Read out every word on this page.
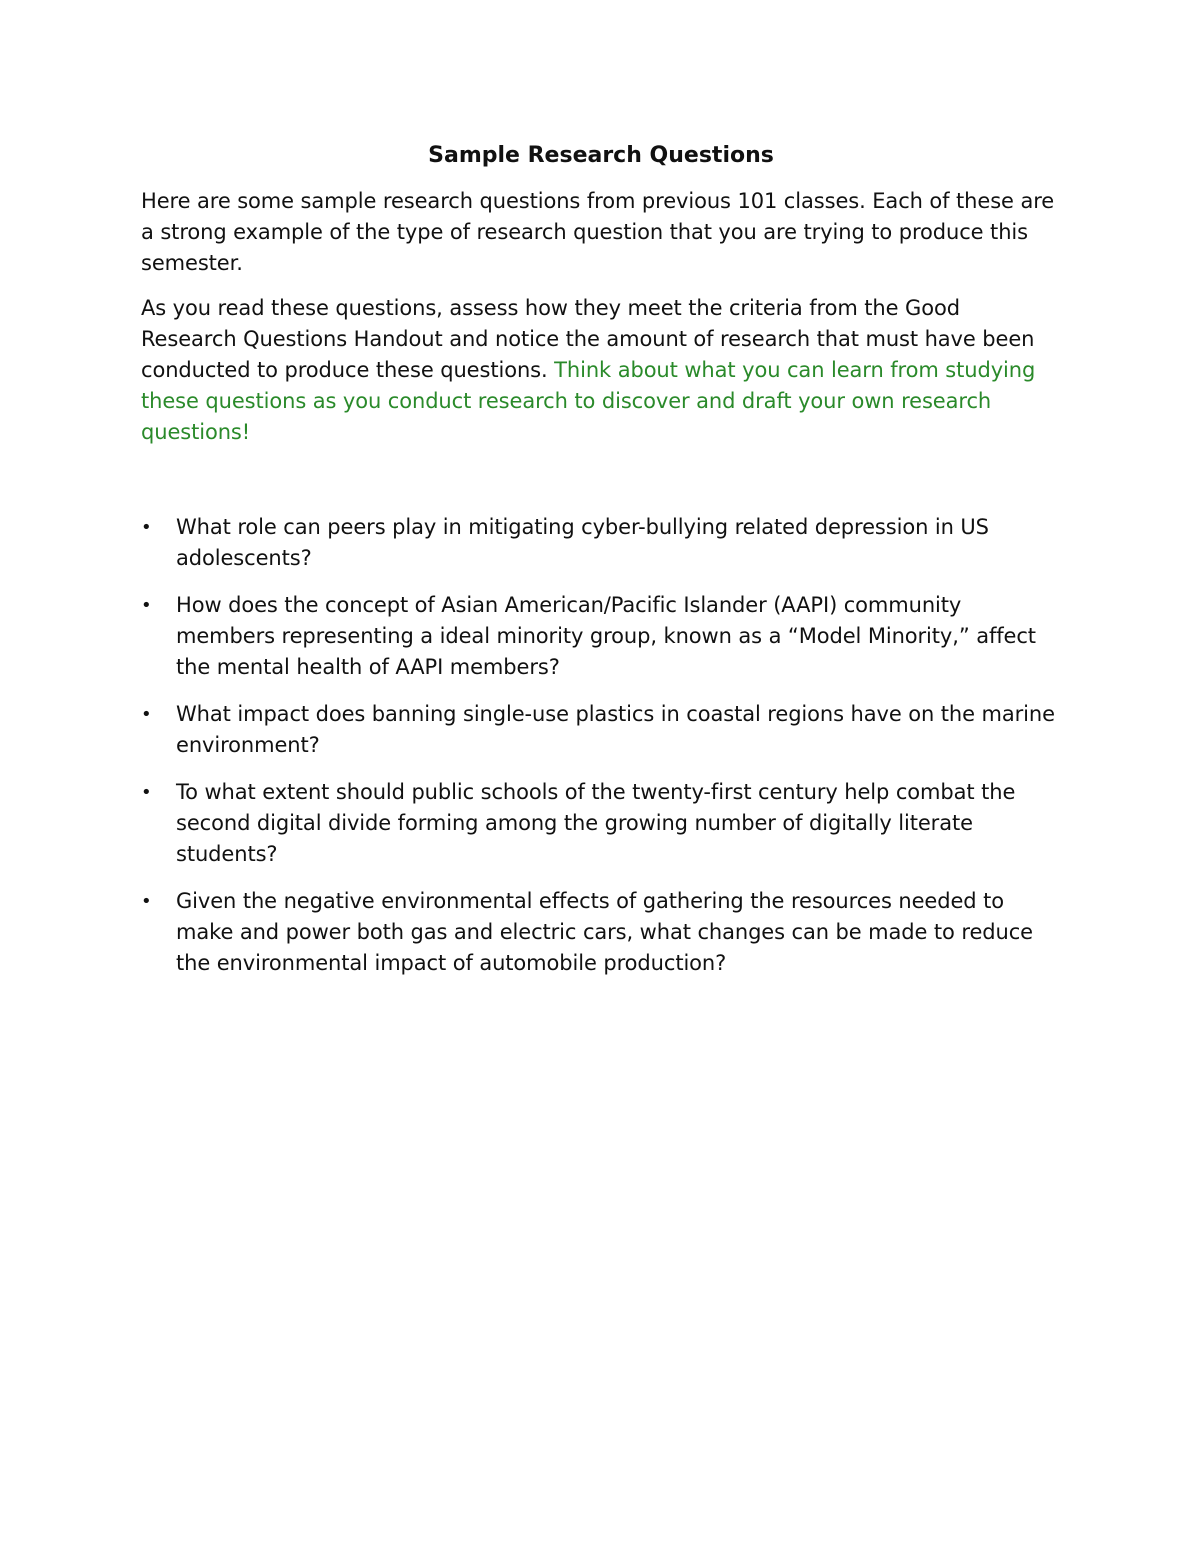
Sample Research Questions

Here are some sample research questions from previous 101 classes. Each of these are a strong example of the type of research question that you are trying to produce this semester.

As you read these questions, assess how they meet the criteria from the Good Research Questions Handout and notice the amount of research that must have been conducted to produce these questions. Think about what you can learn from studying these questions as you conduct research to discover and draft your own research questions!

•	What role can peers play in mitigating cyber-bullying related depression in US adolescents?
•	How does the concept of Asian American/Pacific Islander (AAPI) community members representing a ideal minority group, known as a “Model Minority,” affect the mental health of AAPI members?
•	What impact does banning single-use plastics in coastal regions have on the marine environment?
•	To what extent should public schools of the twenty-first century help combat the second digital divide forming among the growing number of digitally literate students?
•	Given the negative environmental effects of gathering the resources needed to make and power both gas and electric cars, what changes can be made to reduce the environmental impact of automobile production?
